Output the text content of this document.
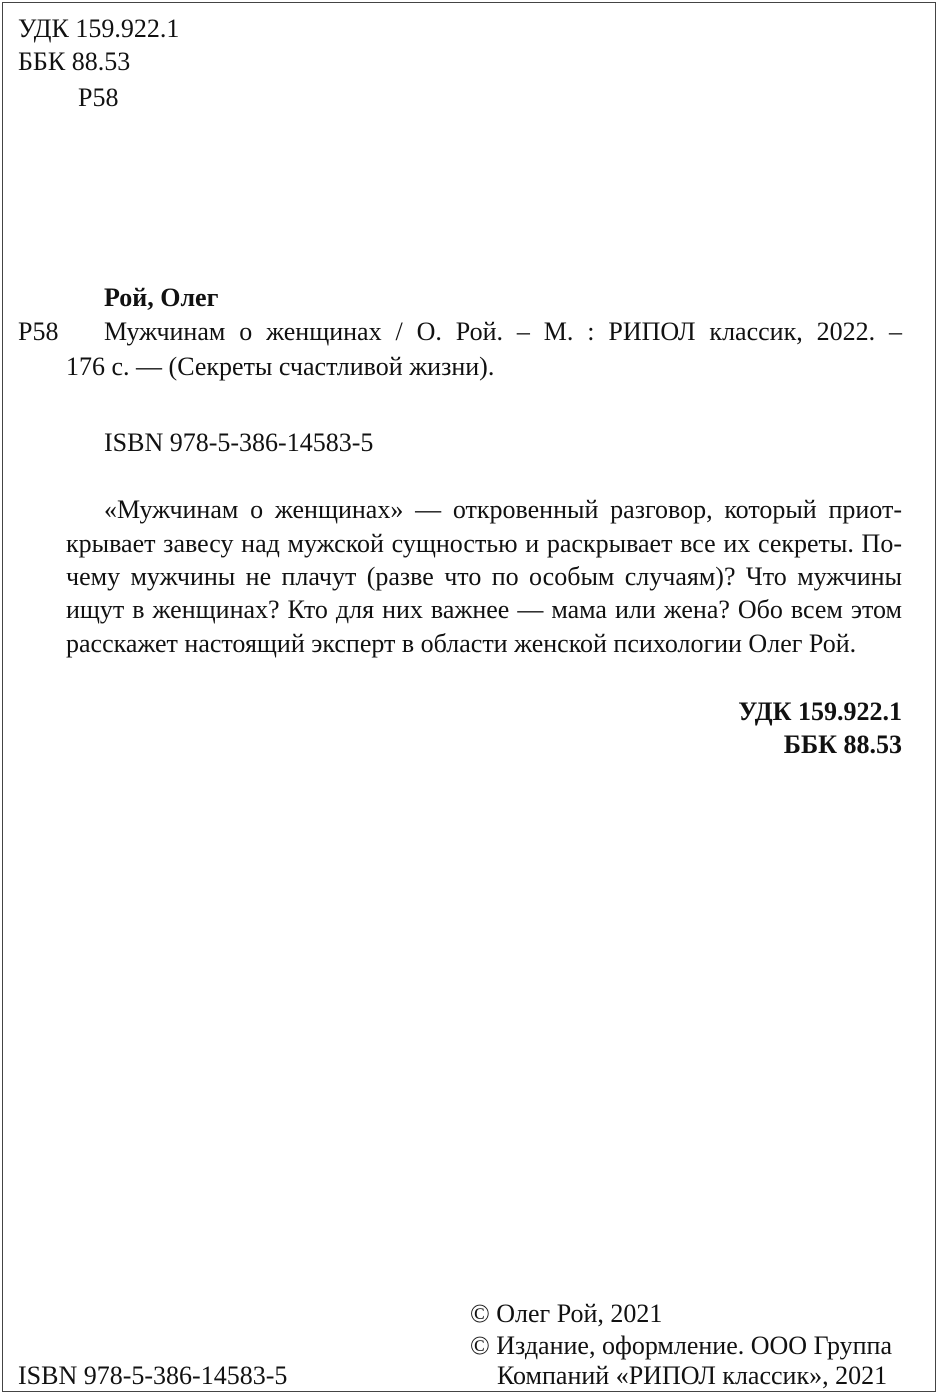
УДК 159.922.1
ББК 88.53
Р58
Рой, Олег
Р58 Мужчинам о женщинах / О. Рой. – М. : РИПОЛ классик, 2022. –
176 с. — (Секреты счастливой жизни).
ISBN 978-5-386-14583-5
«Мужчинам о женщинах» — откровенный разговор, который приот-
крывает завесу над мужской сущностью и раскрывает все их секреты. По-
чему мужчины не плачут (разве что по особым случаям)? Что мужчины
ищут в женщинах? Кто для них важнее — мама или жена? Обо всем этом
расскажет настоящий эксперт в области женской психологии Олег Рой.
УДК 159.922.1
ББК 88.53
© Олег Рой, 2021
© Издание, оформление. ООО Группа
ISBN 978-5-386-14583-5	Компаний «РИПОЛ классик», 2021
